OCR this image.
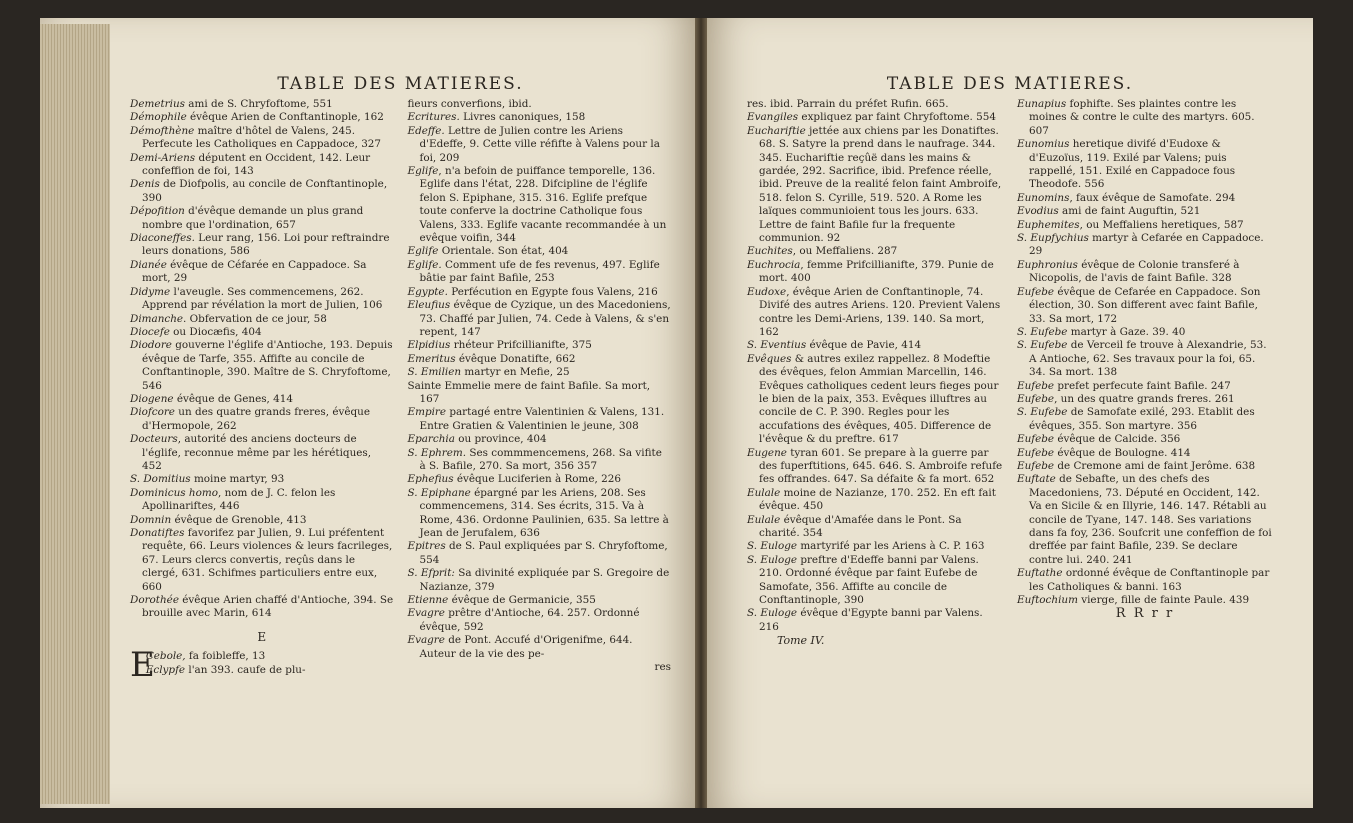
TABLE DES MATIERES.

Demetrius ami de S. Chryfoftome, 551

Démophile évêque Arien de Conftantinople, 162

Démofthène maître d'hôtel de Valens, 245. Perfecute les Catholiques en Cappadoce, 327

Demi-Ariens députent en Occident, 142. Leur confeffion de foi, 143

Denis de Diofpolis, au concile de Conftantinople, 390

Dépofition d'évêque demande un plus grand nombre que l'ordination, 657

Diaconeffes. Leur rang, 156. Loi pour reftraindre leurs donations, 586

Dianée évêque de Céfarée en Cappadoce. Sa mort, 29

Didyme l'aveugle. Ses commencemens, 262. Apprend par révélation la mort de Julien, 106

Dimanche. Obfervation de ce jour, 58

Diocefe ou Diocæfis, 404

Diodore gouverne l'églife d'Antioche, 193. Depuis évêque de Tarfe, 355. Affifte au concile de Conftantinople, 390. Maître de S. Chryfoftome, 546

Diogene évêque de Genes, 414

Diofcore un des quatre grands freres, évêque d'Hermopole, 262

Docteurs, autorité des anciens docteurs de l'églife, reconnue même par les hérétiques, 452

S. Domitius moine martyr, 93

Dominicus homo, nom de J. C. felon les Apollinariftes, 446

Domnin évêque de Grenoble, 413

Donatiftes favorifez par Julien, 9. Lui préfentent requête, 66. Leurs violences & leurs facrileges, 67. Leurs clercs convertis, reçûs dans le clergé, 631. Schifmes particuliers entre eux, 660

Dorothée évêque Arien chaffé d'Antioche, 394. Se brouille avec Marin, 614

E
E

Cebole, fa foibleffe, 13

Eclypfe l'an 393. caufe de plu-

fieurs converfions, ibid.

Ecritures. Livres canoniques, 158

Edeffe. Lettre de Julien contre les Ariens d'Edeffe, 9. Cette ville réfifte à Valens pour la foi, 209

Eglife, n'a befoin de puiffance temporelle, 136. Eglife dans l'état, 228. Difcipline de l'églife felon S. Epiphane, 315. 316. Eglife prefque toute conferve la doctrine Catholique fous Valens, 333. Eglife vacante recommandée à un evêque voifin, 344

Eglife Orientale. Son état, 404

Eglife. Comment ufe de fes revenus, 497. Eglife bâtie par faint Bafile, 253

Egypte. Perfécution en Egypte fous Valens, 216

Eleufius évêque de Cyzique, un des Macedoniens, 73. Chaffé par Julien, 74. Cede à Valens, & s'en repent, 147

Elpidius rhéteur Prifcillianifte, 375

Emeritus évêque Donatifte, 662

S. Emilien martyr en Mefie, 25

Sainte Emmelie mere de faint Bafile. Sa mort, 167

Empire partagé entre Valentinien & Valens, 131. Entre Gratien & Valentinien le jeune, 308

Eparchia ou province, 404

S. Ephrem. Ses commmencemens, 268. Sa vifite à S. Bafile, 270. Sa mort, 356 357

Ephefius évêque Luciferien à Rome, 226

S. Epiphane épargné par les Ariens, 208. Ses commencemens, 314. Ses écrits, 315. Va à Rome, 436. Ordonne Paulinien, 635. Sa lettre à Jean de Jerufalem, 636

Epitres de S. Paul expliquées par S. Chryfoftome, 554

S. Efprit: Sa divinité expliquée par S. Gregoire de Nazianze, 379

Etienne évêque de Germanicie, 355

Evagre prêtre d'Antioche, 64. 257. Ordonné évêque, 592

Evagre de Pont. Accufé d'Origenifme, 644. Auteur de la vie des pe-

res
TABLE DES MATIERES.

res. ibid. Parrain du préfet Rufin. 665.

Evangiles expliquez par faint Chryfoftome. 554

Euchariftie jettée aux chiens par les Donatiftes. 68. S. Satyre la prend dans le naufrage. 344. 345. Euchariftie reçûë dans les mains & gardée, 292. Sacrifice, ibid. Prefence réelle, ibid. Preuve de la realité felon faint Ambroife, 518. felon S. Cyrille, 519. 520. A Rome les laïques communioient tous les jours. 633. Lettre de faint Bafile fur la frequente communion. 92

Euchites, ou Meffaliens. 287

Euchrocia, femme Prifcillianifte, 379. Punie de mort. 400

Eudoxe, évêque Arien de Conftantinople, 74. Divifé des autres Ariens. 120. Previent Valens contre les Demi-Ariens, 139. 140. Sa mort, 162

S. Eventius évêque de Pavie, 414

Evêques & autres exilez rappellez. 8 Modeftie des évêques, felon Ammian Marcellin, 146. Evêques catholiques cedent leurs fieges pour le bien de la paix, 353. Evêques illuftres au concile de C. P. 390. Regles pour les accufations des évêques, 405. Difference de l'évêque & du preftre. 617

Eugene tyran 601. Se prepare à la guerre par des fuperftitions, 645. 646. S. Ambroife refufe fes offrandes. 647. Sa défaite & fa mort. 652

Eulale moine de Nazianze, 170. 252. En eft fait évêque. 450

Eulale évêque d'Amafée dans le Pont. Sa charité. 354

S. Euloge martyrifé par les Ariens à C. P. 163

S. Euloge preftre d'Edeffe banni par Valens. 210. Ordonné évêque par faint Eufebe de Samofate, 356. Affifte au concile de Conftantinople, 390

S. Euloge évêque d'Egypte banni par Valens. 216

Tome IV.

Eunapius fophifte. Ses plaintes contre les moines & contre le culte des martyrs. 605. 607

Eunomius heretique divifé d'Eudoxe & d'Euzoïus, 119. Exilé par Valens; puis rappellé, 151. Exilé en Cappadoce fous Theodofe. 556

Eunomins, faux évêque de Samofate. 294

Evodius ami de faint Auguftin, 521

Euphemites, ou Meffaliens heretiques, 587

S. Eupfychius martyr à Cefarée en Cappadoce. 29

Euphronius évêque de Colonie transferé à Nicopolis, de l'avis de faint Bafile. 328

Eufebe évêque de Cefarée en Cappadoce. Son élection, 30. Son different avec faint Bafile, 33. Sa mort, 172

S. Eufebe martyr à Gaze. 39. 40

S. Eufebe de Verceil fe trouve à Alexandrie, 53. A Antioche, 62. Ses travaux pour la foi, 65. 34. Sa mort. 138

Eufebe prefet perfecute faint Bafile. 247

Eufebe, un des quatre grands freres. 261

S. Eufebe de Samofate exilé, 293. Etablit des évêques, 355. Son martyre. 356

Eufebe évêque de Calcide. 356

Eufebe évêque de Boulogne. 414

Eufebe de Cremone ami de faint Jerôme. 638

Euftate de Sebafte, un des chefs des Macedoniens, 73. Député en Occident, 142. Va en Sicile & en Illyrie, 146. 147. Rétabli au concile de Tyane, 147. 148. Ses variations dans fa foy, 236. Soufcrit une confeffion de foi dreffée par faint Bafile, 239. Se declare contre lui. 240. 241

Euftathe ordonné évêque de Conftantinople par les Catholiques & banni. 163

Euftochium vierge, fille de fainte Paule. 439

R R r r
